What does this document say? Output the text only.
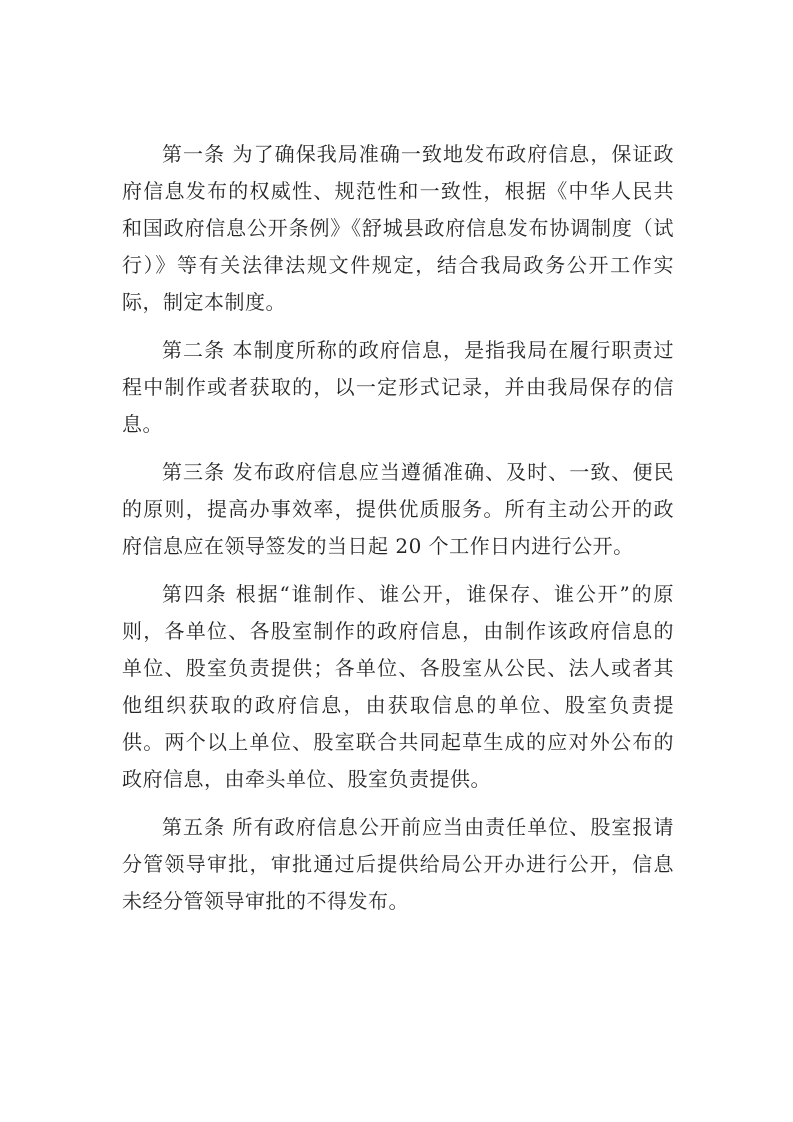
第一条 为了确保我局准确一致地发布政府信息，保证政府信息发布的权威性、规范性和一致性，根据《中华人民共和国政府信息公开条例》《舒城县政府信息发布协调制度（试行）》等有关法律法规文件规定，结合我局政务公开工作实际，制定本制度。

第二条 本制度所称的政府信息，是指我局在履行职责过程中制作或者获取的，以一定形式记录，并由我局保存的信息。

第三条 发布政府信息应当遵循准确、及时、一致、便民的原则，提高办事效率，提供优质服务。所有主动公开的政府信息应在领导签发的当日起 20 个工作日内进行公开。

第四条 根据“谁制作、谁公开，谁保存、谁公开”的原则，各单位、各股室制作的政府信息，由制作该政府信息的单位、股室负责提供；各单位、各股室从公民、法人或者其他组织获取的政府信息，由获取信息的单位、股室负责提供。两个以上单位、股室联合共同起草生成的应对外公布的政府信息，由牵头单位、股室负责提供。

第五条 所有政府信息公开前应当由责任单位、股室报请分管领导审批，审批通过后提供给局公开办进行公开，信息未经分管领导审批的不得发布。
